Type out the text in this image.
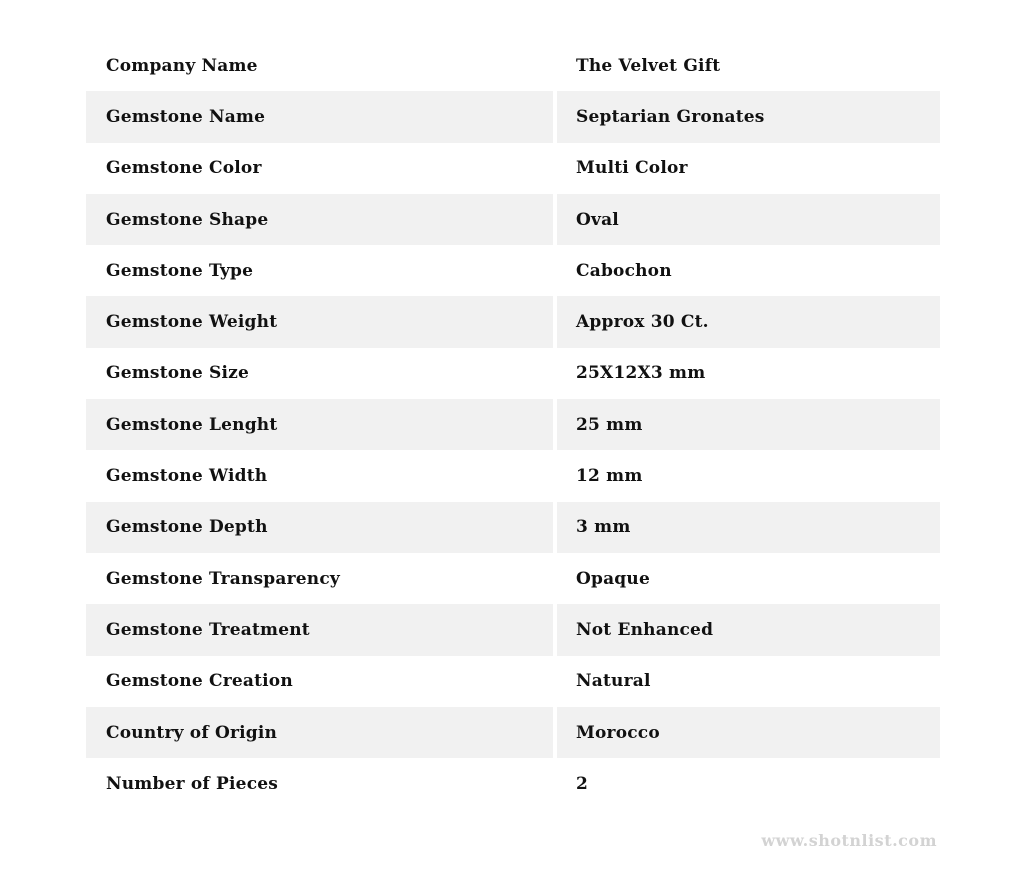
Company Name	The Velvet Gift
Gemstone Name	Septarian Gronates
Gemstone Color	Multi Color
Gemstone Shape	Oval
Gemstone Type	Cabochon
Gemstone Weight	Approx 30 Ct.
Gemstone Size	25X12X3 mm
Gemstone Lenght	25 mm
Gemstone Width	12 mm
Gemstone Depth	3 mm
Gemstone Transparency	Opaque
Gemstone Treatment	Not Enhanced
Gemstone Creation	Natural
Country of Origin	Morocco
Number of Pieces	2
www.shotnlist.com
